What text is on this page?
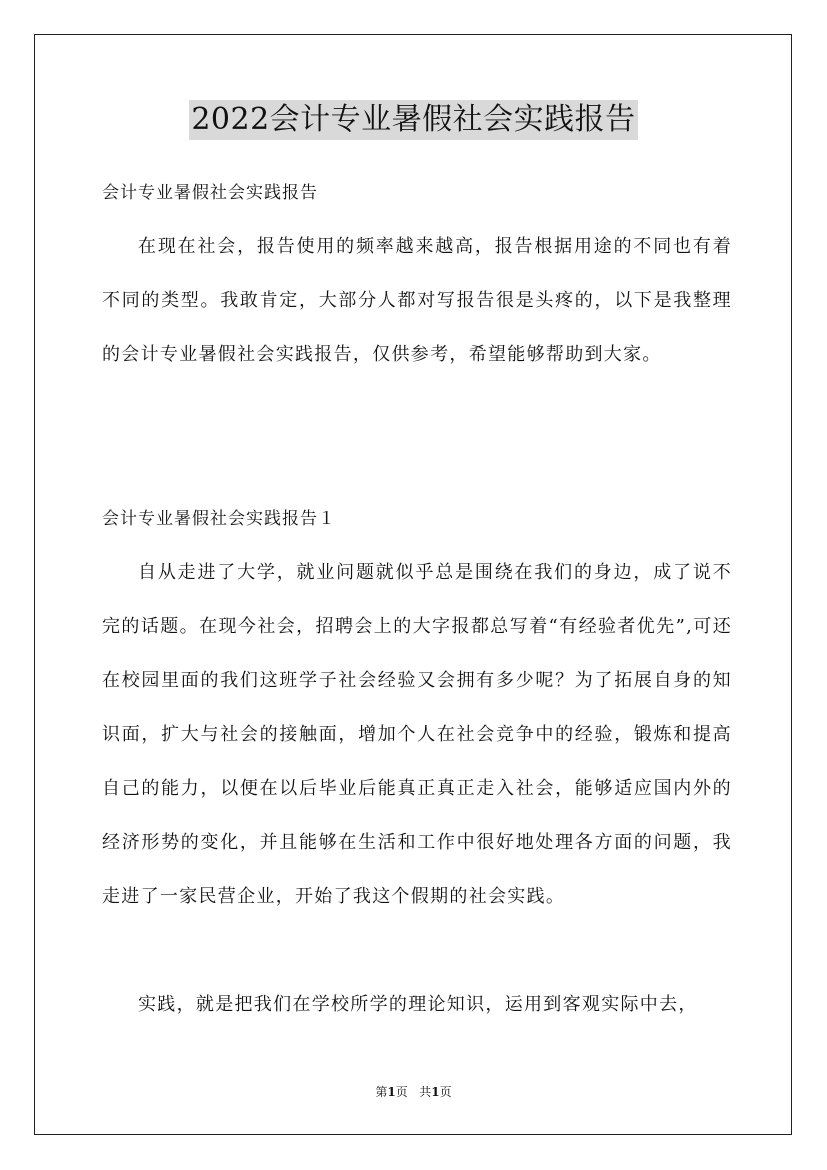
2022会计专业暑假社会实践报告
会计专业暑假社会实践报告

在现在社会，报告使用的频率越来越高，报告根据用途的不同也有着不同的类型。我敢肯定，大部分人都对写报告很是头疼的，以下是我整理的会计专业暑假社会实践报告，仅供参考，希望能够帮助到大家。

会计专业暑假社会实践报告１

自从走进了大学，就业问题就似乎总是围绕在我们的身边，成了说不完的话题。在现今社会，招聘会上的大字报都总写着“有经验者优先”,可还在校园里面的我们这班学子社会经验又会拥有多少呢？为了拓展自身的知识面，扩大与社会的接触面，增加个人在社会竞争中的经验，锻炼和提高自己的能力，以便在以后毕业后能真正真正走入社会，能够适应国内外的经济形势的变化，并且能够在生活和工作中很好地处理各方面的问题，我走进了一家民营企业，开始了我这个假期的社会实践。

实践，就是把我们在学校所学的理论知识，运用到客观实际中去，

第1页 共1页
